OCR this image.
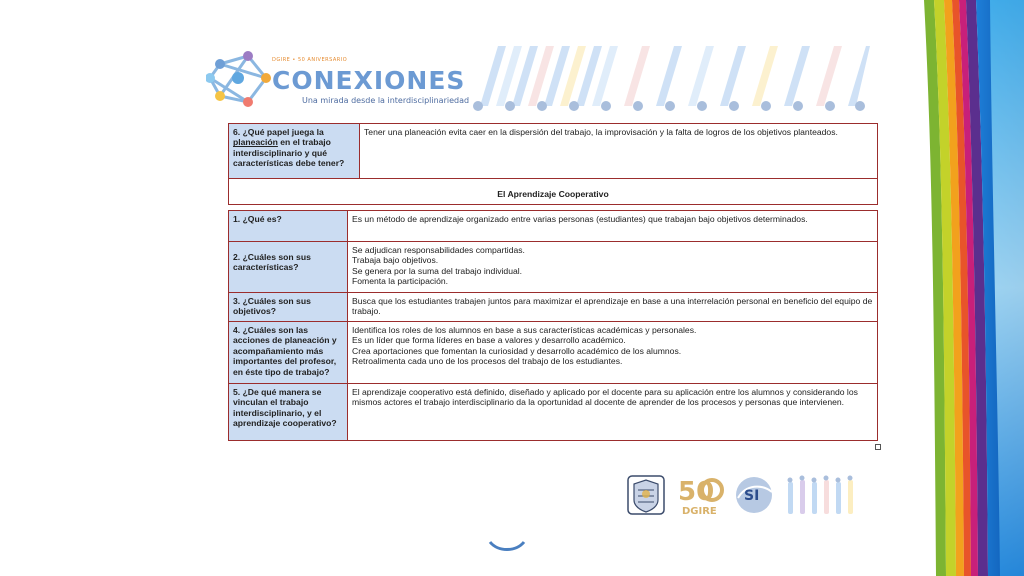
DGIRE • 50 ANIVERSARIO
CONEXIONES
Una mirada desde la interdisciplinariedad
6. ¿Qué papel juega la planeación en el trabajo interdisciplinario y qué características debe tener?	Tener una planeación evita caer en la dispersión del trabajo, la improvisación y la falta de logros de los objetivos planteados.
El Aprendizaje Cooperativo
1. ¿Qué es?	Es un método de aprendizaje organizado entre varias personas (estudiantes) que trabajan bajo objetivos determinados.

2. ¿Cuáles son sus características?	Se adjudican responsabilidades compartidas.
Trabaja bajo objetivos.
Se genera por la suma del trabajo individual.
Fomenta la participación.

3. ¿Cuáles son sus objetivos?	Busca que los estudiantes trabajen juntos para maximizar el aprendizaje en base a una interrelación personal en beneficio del equipo de trabajo.

4. ¿Cuáles son las acciones de planeación y acompañamiento más importantes del profesor, en éste tipo de trabajo?	Identifica los roles de los alumnos en base a sus características académicas y personales.
Es un líder que forma líderes en base a valores y desarrollo académico.
Crea aportaciones que fomentan la curiosidad y desarrollo académico de los alumnos.
Retroalimenta cada uno de los procesos del trabajo de los estudiantes.

5. ¿De qué manera se vinculan el trabajo interdisciplinario, y el aprendizaje cooperativo?	El aprendizaje cooperativo está definido, diseñado y aplicado por el docente para su aplicación entre los alumnos y considerando los mismos actores el trabajo interdisciplinario da la oportunidad al docente de aprender de los procesos y personas que intervienen.
50
DGIRE
SI
